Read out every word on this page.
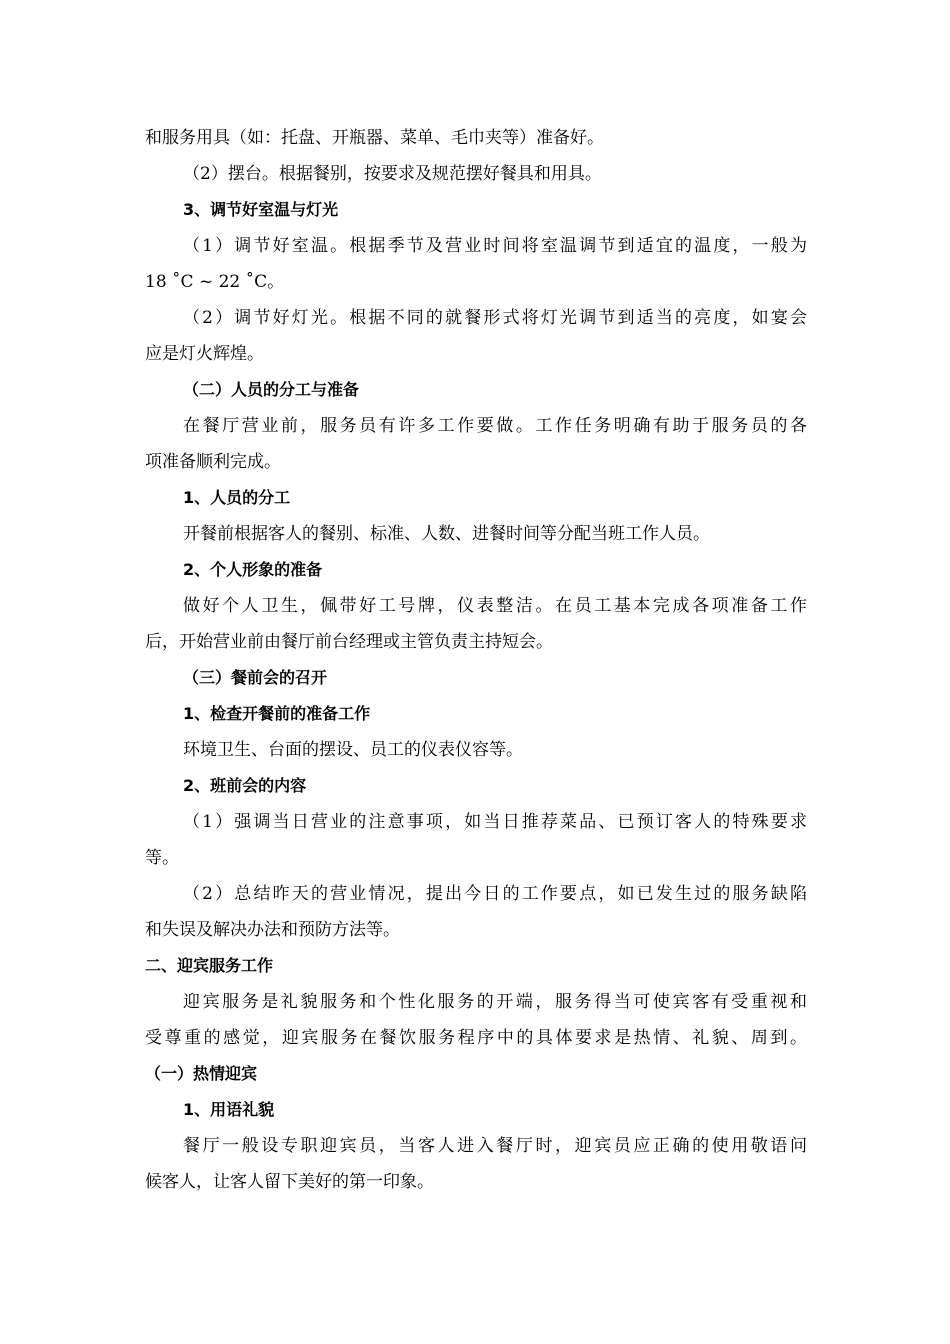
和服务用具（如：托盘、开瓶器、菜单、毛巾夹等）准备好。
（2）摆台。根据餐别，按要求及规范摆好餐具和用具。
3、调节好室温与灯光
（1）调节好室温。根据季节及营业时间将室温调节到适宜的温度，一般为
18 ˚C ~ 22 ˚C。
（2）调节好灯光。根据不同的就餐形式将灯光调节到适当的亮度，如宴会
应是灯火辉煌。
（二）人员的分工与准备
在餐厅营业前，服务员有许多工作要做。工作任务明确有助于服务员的各
项准备顺利完成。
1、人员的分工
开餐前根据客人的餐别、标准、人数、进餐时间等分配当班工作人员。
2、个人形象的准备
做好个人卫生，佩带好工号牌，仪表整洁。在员工基本完成各项准备工作
后，开始营业前由餐厅前台经理或主管负责主持短会。
（三）餐前会的召开
1、检查开餐前的准备工作
环境卫生、台面的摆设、员工的仪表仪容等。
2、班前会的内容
（1）强调当日营业的注意事项，如当日推荐菜品、已预订客人的特殊要求
等。
（2）总结昨天的营业情况，提出今日的工作要点，如已发生过的服务缺陷
和失误及解决办法和预防方法等。
二、迎宾服务工作
迎宾服务是礼貌服务和个性化服务的开端，服务得当可使宾客有受重视和
受尊重的感觉，迎宾服务在餐饮服务程序中的具体要求是热情、礼貌、周到。
（一）热情迎宾
1、用语礼貌
餐厅一般设专职迎宾员，当客人进入餐厅时，迎宾员应正确的使用敬语问
候客人，让客人留下美好的第一印象。
